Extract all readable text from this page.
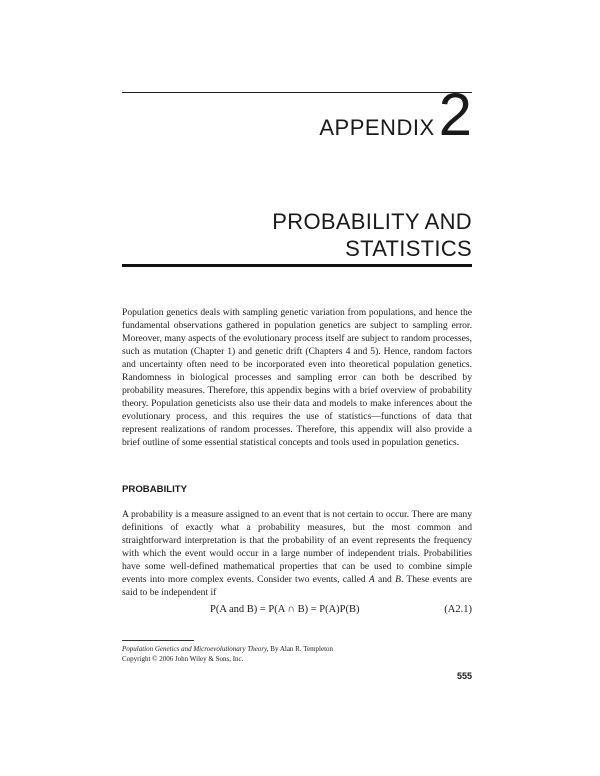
APPENDIX 2
PROBABILITY AND
STATISTICS

Population genetics deals with sampling genetic variation from populations, and hence the fundamental observations gathered in population genetics are subject to sampling error. Moreover, many aspects of the evolutionary process itself are subject to random processes, such as mutation (Chapter 1) and genetic drift (Chapters 4 and 5). Hence, random factors and uncertainty often need to be incorporated even into theoretical population genetics. Randomness in biological processes and sampling error can both be described by probability measures. Therefore, this appendix begins with a brief overview of probability theory. Population geneticists also use their data and models to make inferences about the evolutionary process, and this requires the use of statistics—functions of data that represent realizations of random processes. Therefore, this appendix will also provide a brief outline of some essential statistical concepts and tools used in population genetics.

PROBABILITY

A probability is a measure assigned to an event that is not certain to occur. There are many definitions of exactly what a probability measures, but the most common and straightforward interpretation is that the probability of an event represents the frequency with which the event would occur in a large number of independent trials. Probabilities have some well-defined mathematical properties that can be used to combine simple events into more complex events. Consider two events, called A and B. These events are said to be independent if

P(A and B) = P(A ∩ B) = P(A)P(B)	(A2.1)
Population Genetics and Microevolutionary Theory, By Alan R. Templeton
Copyright © 2006 John Wiley & Sons, Inc.
555
